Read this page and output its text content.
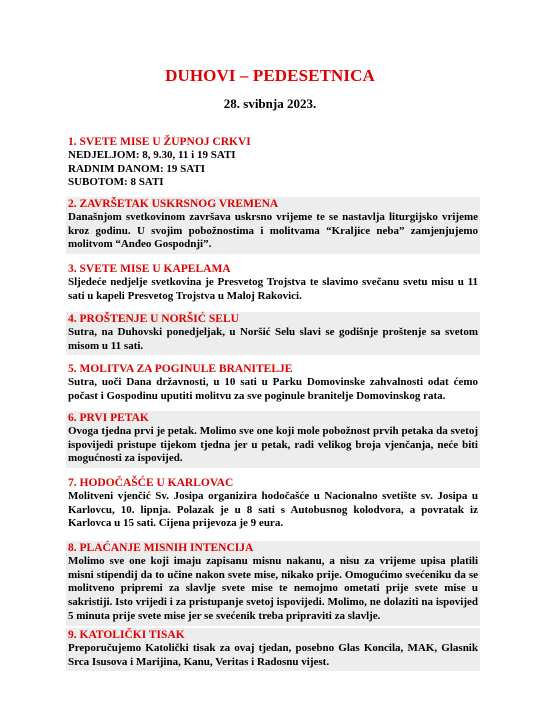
DUHOVI – PEDESETNICA
28. svibnja 2023.
1. SVETE MISE U ŽUPNOJ CRKVI
NEDJELJOM: 8, 9.30, 11 i 19 SATI
RADNIM DANOM: 19 SATI
SUBOTOM: 8 SATI
2. ZAVRŠETAK USKRSNOG VREMENA
Današnjom svetkovinom završava uskrsno vrijeme te se nastavlja liturgijsko vrijeme kroz godinu. U svojim pobožnostima i molitvama “Kraljice neba” zamjenjujemo molitvom “Anđeo Gospodnji”.
3. SVETE MISE U KAPELAMA
Sljedeće nedjelje svetkovina je Presvetog Trojstva te slavimo svečanu svetu misu u 11 sati u kapeli Presvetog Trojstva u Maloj Rakovici.
4. PROŠTENJE U NORŠIĆ SELU
Sutra, na Duhovski ponedjeljak, u Noršić Selu slavi se godišnje proštenje sa svetom misom u 11 sati.
5. MOLITVA ZA POGINULE BRANITELJE
Sutra, uoči Dana državnosti, u 10 sati u Parku Domovinske zahvalnosti odat ćemo počast i Gospodinu uputiti molitvu za sve poginule branitelje Domovinskog rata.
6. PRVI PETAK
Ovoga tjedna prvi je petak. Molimo sve one koji mole pobožnost prvih petaka da svetoj ispovijedi pristupe tijekom tjedna jer u petak, radi velikog broja vjenčanja, neće biti mogućnosti za ispovijed.
7. HODOČAŠĆE U KARLOVAC
Molitveni vjenčić Sv. Josipa organizira hodočašće u Nacionalno svetište sv. Josipa u Karlovcu, 10. lipnja. Polazak je u 8 sati s Autobusnog kolodvora, a povratak iz Karlovca u 15 sati. Cijena prijevoza je 9 eura.
8. PLAĆANJE MISNIH INTENCIJA
Molimo sve one koji imaju zapisanu misnu nakanu, a nisu za vrijeme upisa platili misni stipendij da to učine nakon svete mise, nikako prije. Omogućimo svećeniku da se molitveno pripremi za slavlje svete mise te nemojmo ometati prije svete mise u sakristiji. Isto vrijedi i za pristupanje svetoj ispovijedi. Molimo, ne dolaziti na ispovijed 5 minuta prije svete mise jer se svećenik treba pripraviti za slavlje.
9. KATOLIČKI TISAK
Preporučujemo Katolički tisak za ovaj tjedan, posebno Glas Koncila, MAK, Glasnik Srca Isusova i Marijina, Kanu, Veritas i Radosnu vijest.
